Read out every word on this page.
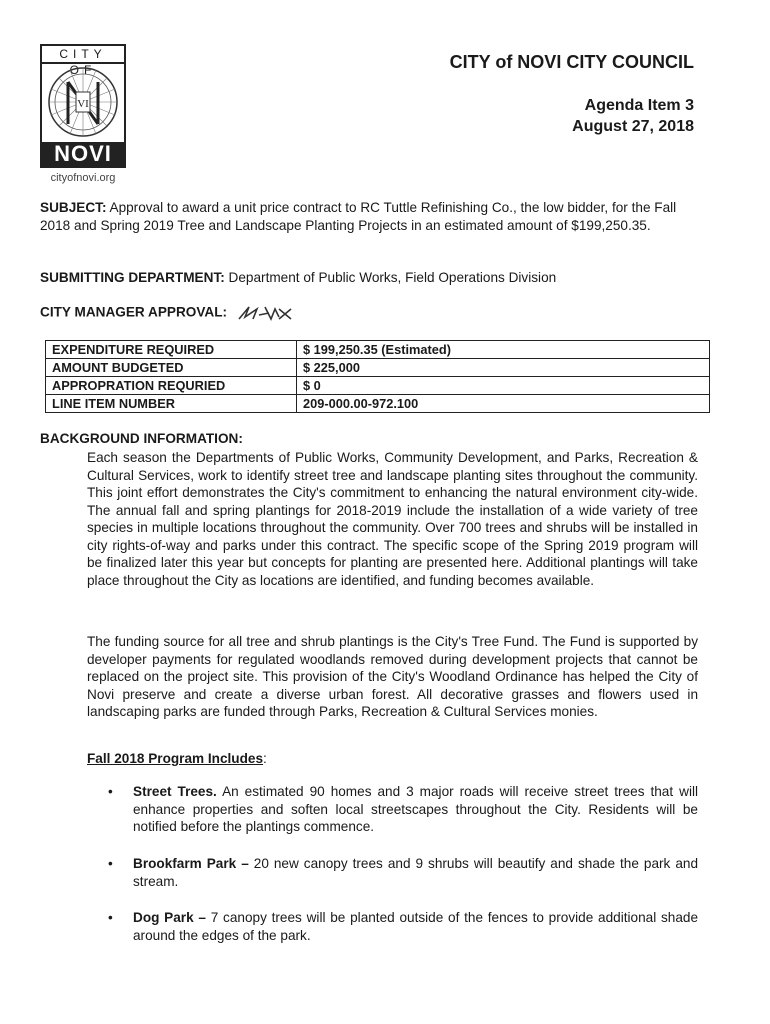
CITY OF
VI
NOVI
cityofnovi.org
CITY of NOVI CITY COUNCIL
Agenda Item 3
August 27, 2018
SUBJECT: Approval to award a unit price contract to RC Tuttle Refinishing Co., the low bidder, for the Fall 2018 and Spring 2019 Tree and Landscape Planting Projects in an estimated amount of $199,250.35.
SUBMITTING DEPARTMENT: Department of Public Works, Field Operations Division
CITY MANAGER APPROVAL:
EXPENDITURE REQUIRED	$ 199,250.35 (Estimated)
AMOUNT BUDGETED	$ 225,000
APPROPRATION REQURIED	$ 0
LINE ITEM NUMBER	209-000.00-972.100
BACKGROUND INFORMATION:
Each season the Departments of Public Works, Community Development, and Parks, Recreation & Cultural Services, work to identify street tree and landscape planting sites throughout the community. This joint effort demonstrates the City's commitment to enhancing the natural environment city-wide. The annual fall and spring plantings for 2018-2019 include the installation of a wide variety of tree species in multiple locations throughout the community. Over 700 trees and shrubs will be installed in city rights-of-way and parks under this contract. The specific scope of the Spring 2019 program will be finalized later this year but concepts for planting are presented here. Additional plantings will take place throughout the City as locations are identified, and funding becomes available.
The funding source for all tree and shrub plantings is the City's Tree Fund. The Fund is supported by developer payments for regulated woodlands removed during development projects that cannot be replaced on the project site. This provision of the City's Woodland Ordinance has helped the City of Novi preserve and create a diverse urban forest. All decorative grasses and flowers used in landscaping parks are funded through Parks, Recreation & Cultural Services monies.
Fall 2018 Program Includes:
• Street Trees. An estimated 90 homes and 3 major roads will receive street trees that will enhance properties and soften local streetscapes throughout the City. Residents will be notified before the plantings commence.
• Brookfarm Park – 20 new canopy trees and 9 shrubs will beautify and shade the park and stream.
• Dog Park – 7 canopy trees will be planted outside of the fences to provide additional shade around the edges of the park.
